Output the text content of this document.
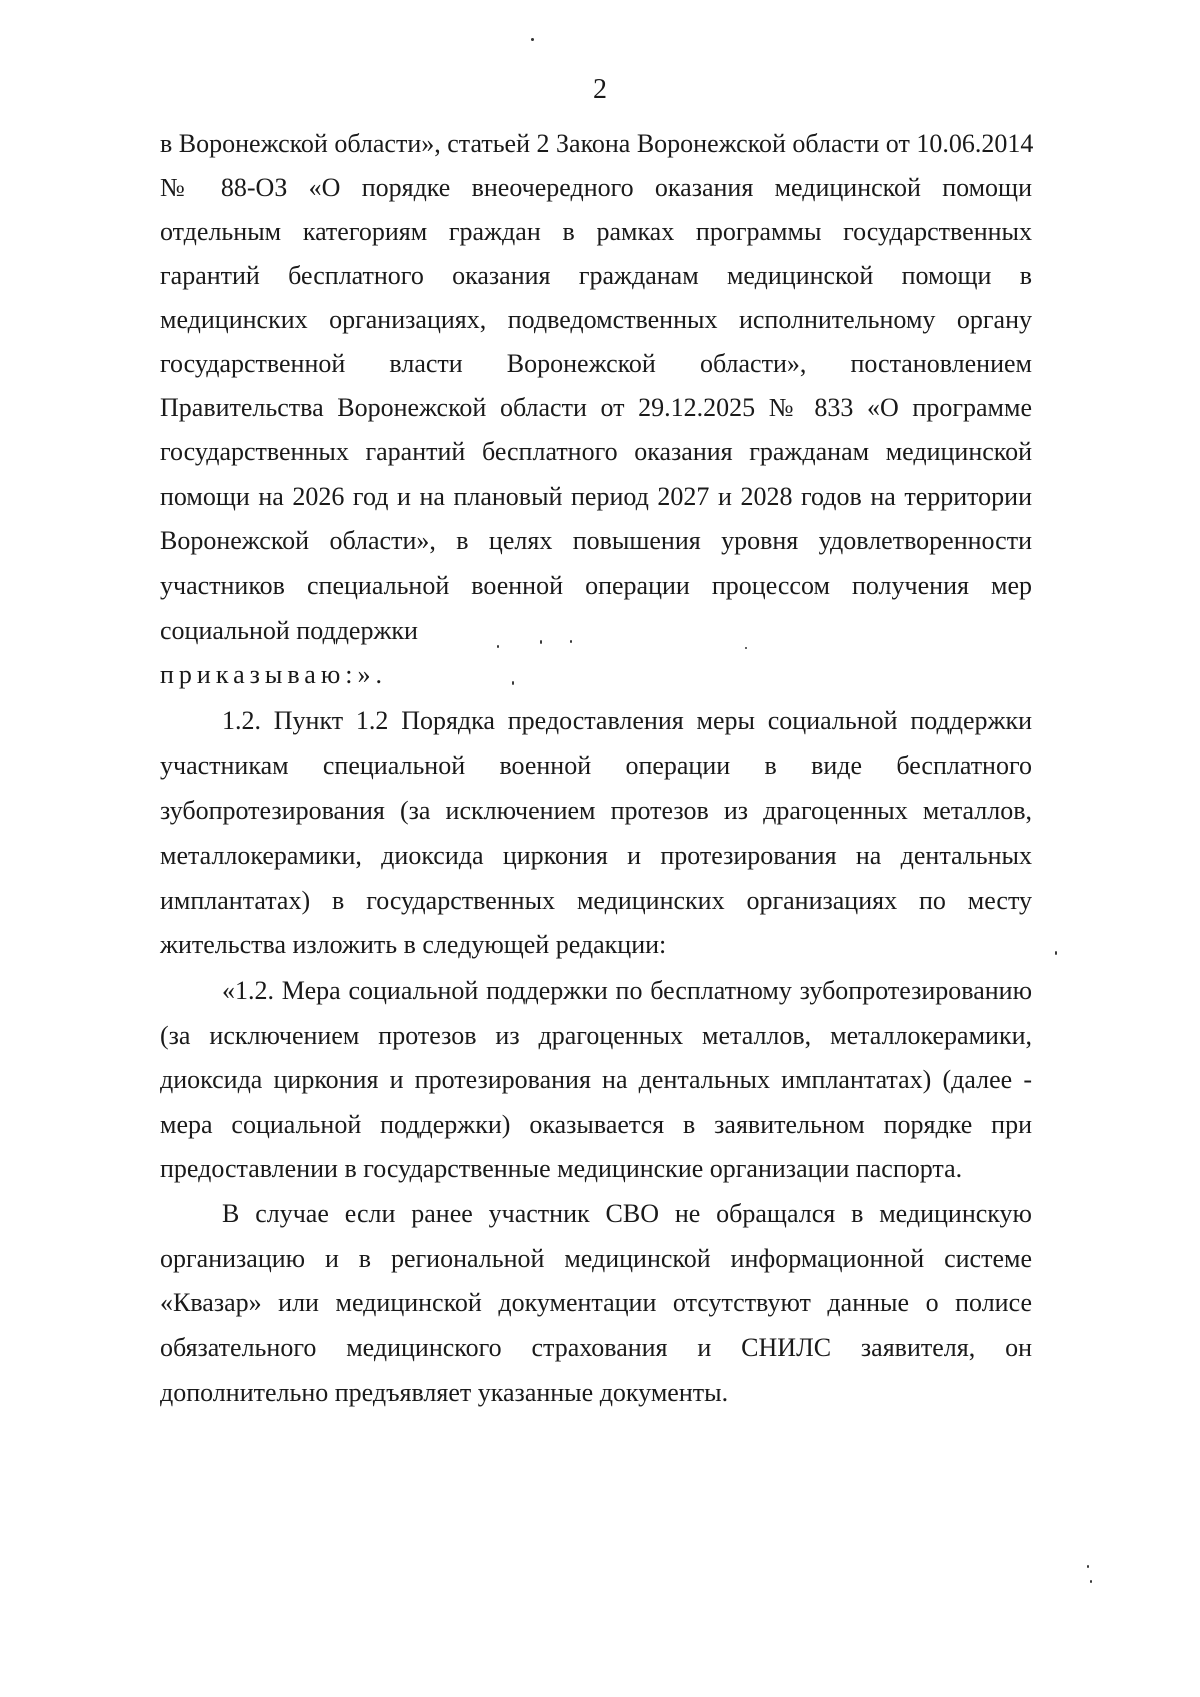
2
в Воронежской области», статьей 2 Закона Воронежской области от 10.06.2014
№ 88-ОЗ «О порядке внеочередного оказания медицинской помощи
отдельным категориям граждан в рамках программы государственных
гарантий бесплатного оказания гражданам медицинской помощи в
медицинских организациях, подведомственных исполнительному органу
государственной власти Воронежской области», постановлением
Правительства Воронежской области от 29.12.2025 № 833 «О программе
государственных гарантий бесплатного оказания гражданам медицинской
помощи на 2026 год и на плановый период 2027 и 2028 годов на территории
Воронежской области», в целях повышения уровня удовлетворенности
участников специальной военной операции процессом получения мер
социальной поддержки
приказываю:».
1.2. Пункт 1.2 Порядка предоставления меры социальной поддержки
участникам специальной военной операции в виде бесплатного
зубопротезирования (за исключением протезов из драгоценных металлов,
металлокерамики, диоксида циркония и протезирования на дентальных
имплантатах) в государственных медицинских организациях по месту
жительства изложить в следующей редакции:
«1.2. Мера социальной поддержки по бесплатному зубопротезированию
(за исключением протезов из драгоценных металлов, металлокерамики,
диоксида циркония и протезирования на дентальных имплантатах) (далее -
мера социальной поддержки) оказывается в заявительном порядке при
предоставлении в государственные медицинские организации паспорта.
В случае если ранее участник СВО не обращался в медицинскую
организацию и в региональной медицинской информационной системе
«Квазар» или медицинской документации отсутствуют данные о полисе
обязательного медицинского страхования и СНИЛС заявителя, он
дополнительно предъявляет указанные документы.
